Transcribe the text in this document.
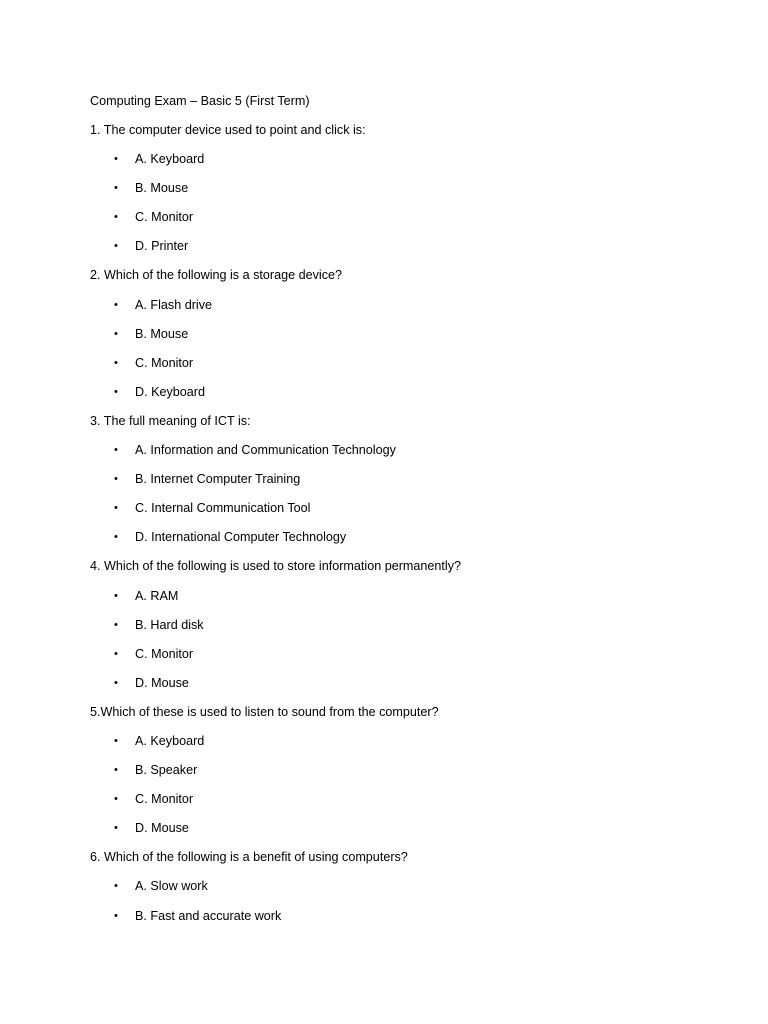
Computing Exam – Basic 5 (First Term)
1. The computer device used to point and click is:
• A. Keyboard
• B. Mouse
• C. Monitor
• D. Printer
2. Which of the following is a storage device?
• A. Flash drive
• B. Mouse
• C. Monitor
• D. Keyboard
3. The full meaning of ICT is:
• A. Information and Communication Technology
• B. Internet Computer Training
• C. Internal Communication Tool
• D. International Computer Technology
4. Which of the following is used to store information permanently?
• A. RAM
• B. Hard disk
• C. Monitor
• D. Mouse
5.Which of these is used to listen to sound from the computer?
• A. Keyboard
• B. Speaker
• C. Monitor
• D. Mouse
6. Which of the following is a benefit of using computers?
• A. Slow work
• B. Fast and accurate work
